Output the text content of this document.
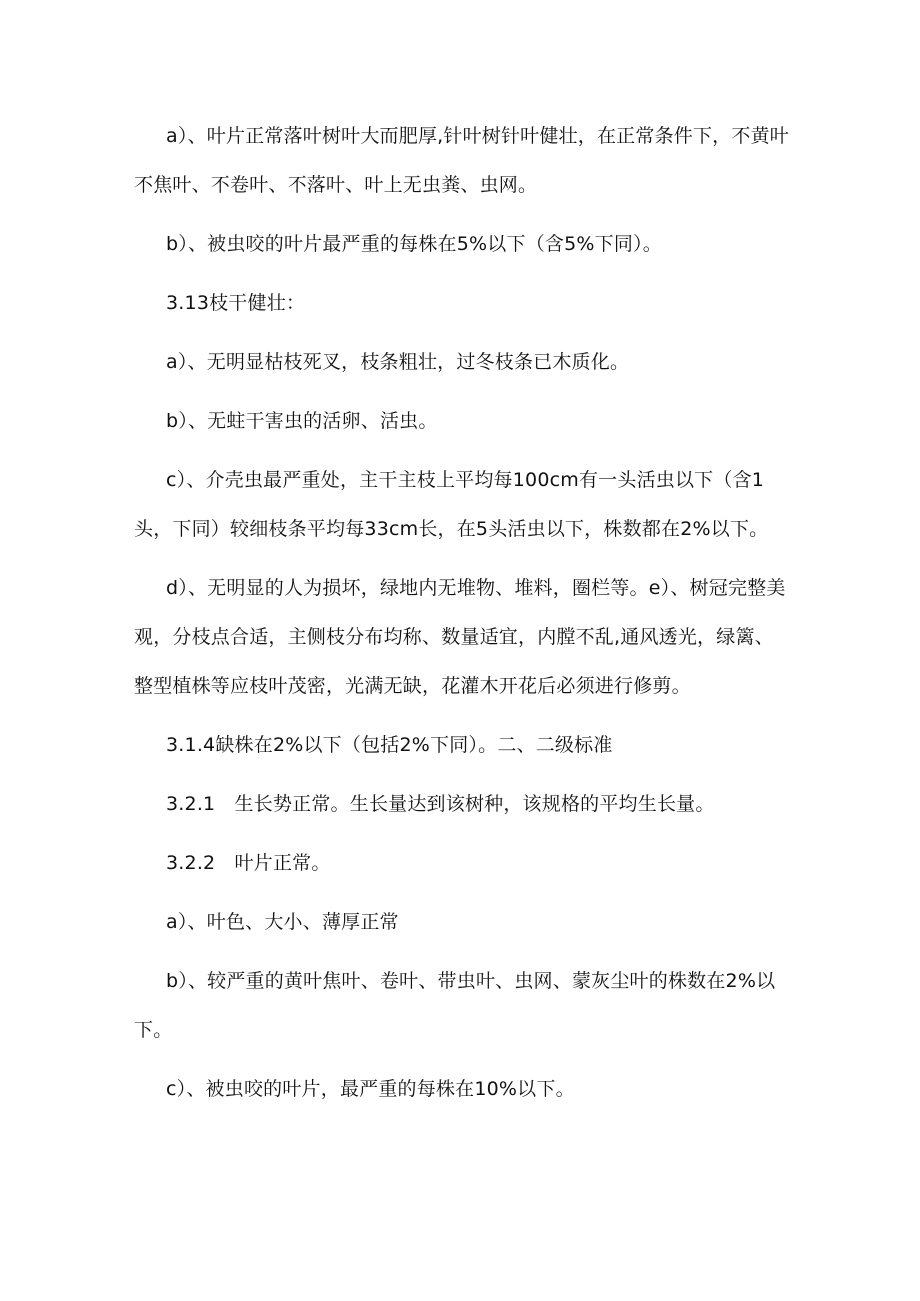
a）、叶片正常落叶树叶大而肥厚,针叶树针叶健壮，在正常条件下，不黄叶不焦叶、不卷叶、不落叶、叶上无虫粪、虫网。

b）、被虫咬的叶片最严重的每株在5%以下（含5%下同）。

3.13枝干健壮：

a）、无明显枯枝死叉，枝条粗壮，过冬枝条已木质化。

b）、无蛀干害虫的活卵、活虫。

c）、介壳虫最严重处，主干主枝上平均每100cm有一头活虫以下（含1头，下同）较细枝条平均每33cm长，在5头活虫以下，株数都在2%以下。

d）、无明显的人为损坏，绿地内无堆物、堆料，圈栏等。e）、树冠完整美观，分枝点合适，主侧枝分布均称、数量适宜，内膛不乱,通风透光，绿篱、整型植株等应枝叶茂密，光满无缺，花灌木开花后必须进行修剪。

3.1.4缺株在2%以下（包括2%下同）。二、二级标准

3.2.1　生长势正常。生长量达到该树种，该规格的平均生长量。

3.2.2　叶片正常。

a）、叶色、大小、薄厚正常

b）、较严重的黄叶焦叶、卷叶、带虫叶、虫网、蒙灰尘叶的株数在2%以下。

c）、被虫咬的叶片，最严重的每株在10%以下。
